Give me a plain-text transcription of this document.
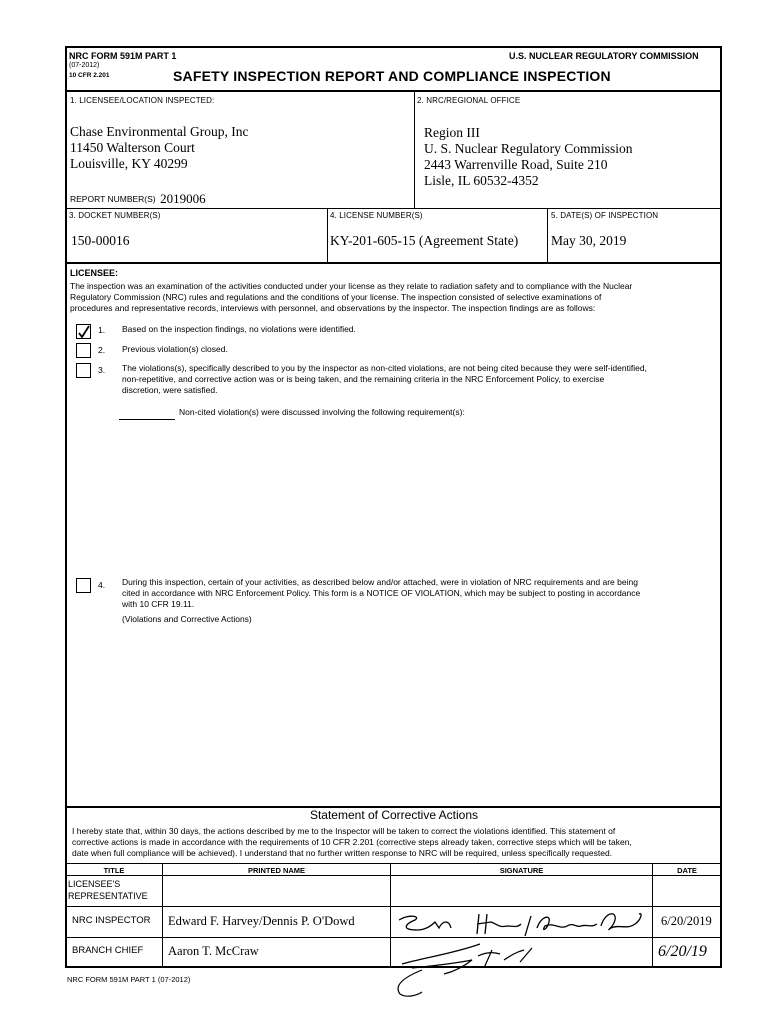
NRC FORM 591M PART 1
(07-2012)
10 CFR 2.201
U.S. NUCLEAR REGULATORY COMMISSION
SAFETY INSPECTION REPORT AND COMPLIANCE INSPECTION
1. LICENSEE/LOCATION INSPECTED:
Chase Environmental Group, Inc
11450 Walterson Court
Louisville, KY 40299
REPORT NUMBER(S) 2019006
2. NRC/REGIONAL OFFICE
Region III
U. S. Nuclear Regulatory Commission
2443 Warrenville Road, Suite 210
Lisle, IL 60532-4352
3. DOCKET NUMBER(S)
150-00016
4. LICENSE NUMBER(S)
KY-201-605-15 (Agreement State)
5. DATE(S) OF INSPECTION
May 30, 2019
LICENSEE:
The inspection was an examination of the activities conducted under your license as they relate to radiation safety and to compliance with the Nuclear
Regulatory Commission (NRC) rules and regulations and the conditions of your license. The inspection consisted of selective examinations of
procedures and representative records, interviews with personnel, and observations by the inspector. The inspection findings are as follows:
1. Based on the inspection findings, no violations were identified.
2. Previous violation(s) closed.
3. The violations(s), specifically described to you by the inspector as non-cited violations, are not being cited because they were self-identified,
non-repetitive, and corrective action was or is being taken, and the remaining criteria in the NRC Enforcement Policy, to exercise
discretion, were satisfied.
Non-cited violation(s) were discussed involving the following requirement(s):
4. During this inspection, certain of your activities, as described below and/or attached, were in violation of NRC requirements and are being
cited in accordance with NRC Enforcement Policy. This form is a NOTICE OF VIOLATION, which may be subject to posting in accordance
with 10 CFR 19.11.
(Violations and Corrective Actions)
Statement of Corrective Actions
I hereby state that, within 30 days, the actions described by me to the Inspector will be taken to correct the violations identified. This statement of
corrective actions is made in accordance with the requirements of 10 CFR 2.201 (corrective steps already taken, corrective steps which will be taken,
date when full compliance will be achieved). I understand that no further written response to NRC will be required, unless specifically requested.
TITLE	PRINTED NAME	SIGNATURE	DATE
LICENSEE'S
REPRESENTATIVE
NRC INSPECTOR Edward F. Harvey/Dennis P. O'Dowd	6/20/2019
BRANCH CHIEF Aaron T. McCraw	6/20/19
NRC FORM 591M PART 1 (07-2012)
